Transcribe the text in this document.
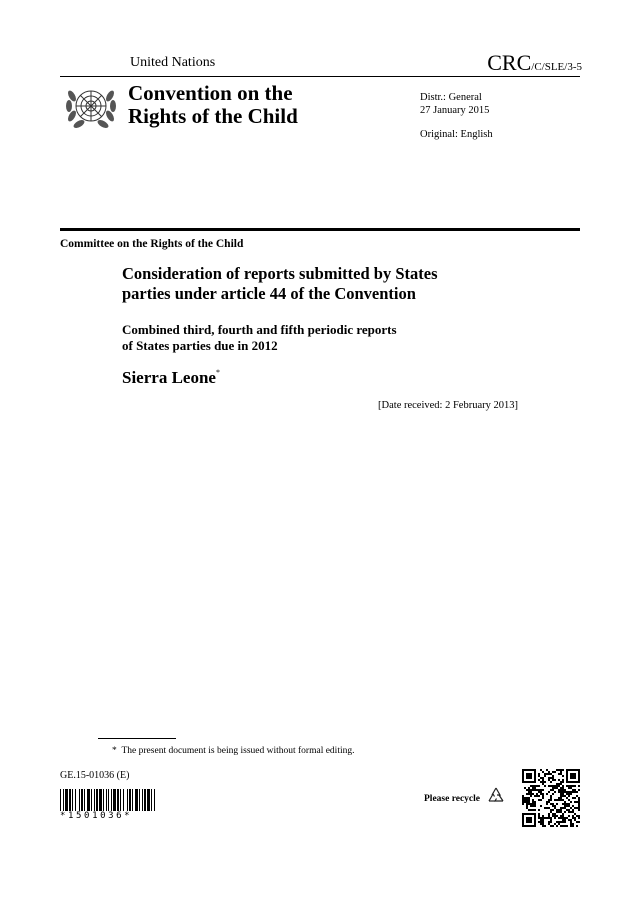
United Nations	CRC/C/SLE/3-5
Convention on the
Rights of the Child
Distr.: General
27 January 2015
Original: English
Committee on the Rights of the Child
Consideration of reports submitted by States
parties under article 44 of the Convention
Combined third, fourth and fifth periodic reports
of States parties due in 2012
Sierra Leone*
[Date received: 2 February 2013]
* The present document is being issued without formal editing.
GE.15-01036 (E)
*1501036*
Please recycle
